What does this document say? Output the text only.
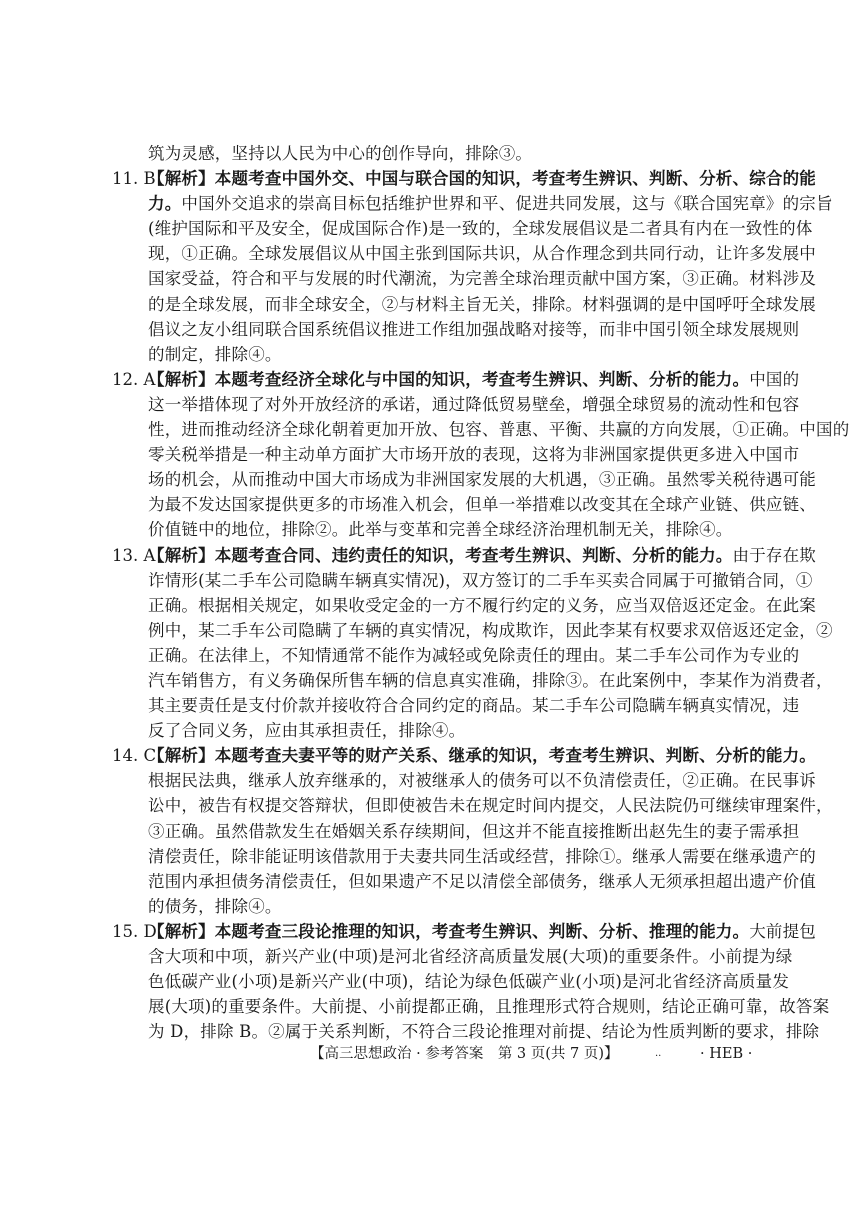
筑为灵感，坚持以人民为中心的创作导向，排除③。
11. B
【解析】本题考查中国外交、中国与联合国的知识，考查考生辨识、判断、分析、综合的能
力。中国外交追求的崇高目标包括维护世界和平、促进共同发展，这与《联合国宪章》的宗旨
(维护国际和平及安全，促成国际合作)是一致的，全球发展倡议是二者具有内在一致性的体
现，①正确。全球发展倡议从中国主张到国际共识，从合作理念到共同行动，让许多发展中
国家受益，符合和平与发展的时代潮流，为完善全球治理贡献中国方案，③正确。材料涉及
的是全球发展，而非全球安全，②与材料主旨无关，排除。材料强调的是中国呼吁全球发展
倡议之友小组同联合国系统倡议推进工作组加强战略对接等，而非中国引领全球发展规则
的制定，排除④。
12. A
【解析】本题考查经济全球化与中国的知识，考查考生辨识、判断、分析的能力。中国的
这一举措体现了对外开放经济的承诺，通过降低贸易壁垒，增强全球贸易的流动性和包容
性，进而推动经济全球化朝着更加开放、包容、普惠、平衡、共赢的方向发展，①正确。中国的
零关税举措是一种主动单方面扩大市场开放的表现，这将为非洲国家提供更多进入中国市
场的机会，从而推动中国大市场成为非洲国家发展的大机遇，③正确。虽然零关税待遇可能
为最不发达国家提供更多的市场准入机会，但单一举措难以改变其在全球产业链、供应链、
价值链中的地位，排除②。此举与变革和完善全球经济治理机制无关，排除④。
13. A
【解析】本题考查合同、违约责任的知识，考查考生辨识、判断、分析的能力。由于存在欺
诈情形(某二手车公司隐瞒车辆真实情况)，双方签订的二手车买卖合同属于可撤销合同，①
正确。根据相关规定，如果收受定金的一方不履行约定的义务，应当双倍返还定金。在此案
例中，某二手车公司隐瞒了车辆的真实情况，构成欺诈，因此李某有权要求双倍返还定金，②
正确。在法律上，不知情通常不能作为减轻或免除责任的理由。某二手车公司作为专业的
汽车销售方，有义务确保所售车辆的信息真实准确，排除③。在此案例中，李某作为消费者，
其主要责任是支付价款并接收符合合同约定的商品。某二手车公司隐瞒车辆真实情况，违
反了合同义务，应由其承担责任，排除④。
14. C
【解析】本题考查夫妻平等的财产关系、继承的知识，考查考生辨识、判断、分析的能力。
根据民法典，继承人放弃继承的，对被继承人的债务可以不负清偿责任，②正确。在民事诉
讼中，被告有权提交答辩状，但即使被告未在规定时间内提交，人民法院仍可继续审理案件，
③正确。虽然借款发生在婚姻关系存续期间，但这并不能直接推断出赵先生的妻子需承担
清偿责任，除非能证明该借款用于夫妻共同生活或经营，排除①。继承人需要在继承遗产的
范围内承担债务清偿责任，但如果遗产不足以清偿全部债务，继承人无须承担超出遗产价值
的债务，排除④。
15. D
【解析】本题考查三段论推理的知识，考查考生辨识、判断、分析、推理的能力。大前提包
含大项和中项，新兴产业(中项)是河北省经济高质量发展(大项)的重要条件。小前提为绿
色低碳产业(小项)是新兴产业(中项)，结论为绿色低碳产业(小项)是河北省经济高质量发
展(大项)的重要条件。大前提、小前提都正确，且推理形式符合规则，结论正确可靠，故答案
为 D，排除 B。②属于关系判断，不符合三段论推理对前提、结论为性质判断的要求，排除
【高三思想政治 · 参考答案　第 3 页(共 7 页)】	..	· HEB ·
